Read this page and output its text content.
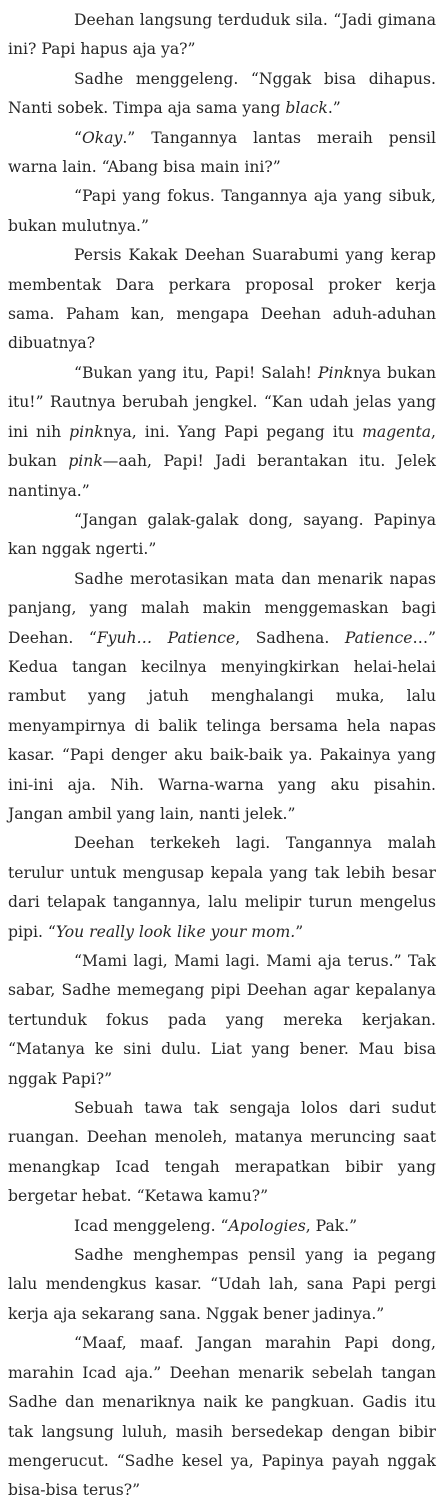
Deehan langsung terduduk sila. “Jadi gimana ini? Papi hapus aja ya?”

Sadhe menggeleng. “Nggak bisa dihapus. Nanti sobek. Timpa aja sama yang black.”

“Okay.” Tangannya lantas meraih pensil warna lain. “Abang bisa main ini?”

“Papi yang fokus. Tangannya aja yang sibuk, bukan mulutnya.”

Persis Kakak Deehan Suarabumi yang kerap membentak Dara perkara proposal proker kerja sama. Paham kan, mengapa Deehan aduh-aduhan dibuatnya?

“Bukan yang itu, Papi! Salah! Pinknya bukan itu!” Rautnya berubah jengkel. “Kan udah jelas yang ini nih pinknya, ini. Yang Papi pegang itu magenta, bukan pink—aah, Papi! Jadi berantakan itu. Jelek nantinya.”

“Jangan galak-galak dong, sayang. Papinya kan nggak ngerti.”

Sadhe merotasikan mata dan menarik napas panjang, yang malah makin menggemaskan bagi Deehan. “Fyuh… Patience, Sadhena. Patience…” Kedua tangan kecilnya menyingkirkan helai-helai rambut yang jatuh menghalangi muka, lalu menyampirnya di balik telinga bersama hela napas kasar. “Papi denger aku baik-baik ya. Pakainya yang ini-ini aja. Nih. Warna-warna yang aku pisahin. Jangan ambil yang lain, nanti jelek.”

Deehan terkekeh lagi. Tangannya malah terulur untuk mengusap kepala yang tak lebih besar dari telapak tangannya, lalu melipir turun mengelus pipi. “You really look like your mom.”

“Mami lagi, Mami lagi. Mami aja terus.” Tak sabar, Sadhe memegang pipi Deehan agar kepalanya tertunduk fokus pada yang mereka kerjakan. “Matanya ke sini dulu. Liat yang bener. Mau bisa nggak Papi?”

Sebuah tawa tak sengaja lolos dari sudut ruangan. Deehan menoleh, matanya meruncing saat menangkap Icad tengah merapatkan bibir yang bergetar hebat. “Ketawa kamu?”

Icad menggeleng. “Apologies, Pak.”

Sadhe menghempas pensil yang ia pegang lalu mendengkus kasar. “Udah lah, sana Papi pergi kerja aja sekarang sana. Nggak bener jadinya.”

“Maaf, maaf. Jangan marahin Papi dong, marahin Icad aja.” Deehan menarik sebelah tangan Sadhe dan menariknya naik ke pangkuan. Gadis itu tak langsung luluh, masih bersedekap dengan bibir mengerucut. “Sadhe kesel ya, Papinya payah nggak bisa-bisa terus?”
